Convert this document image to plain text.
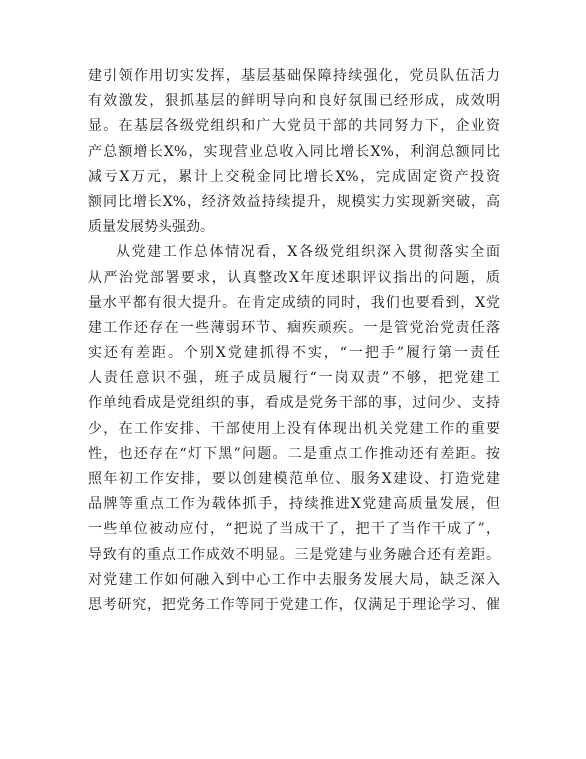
建引领作用切实发挥，基层基础保障持续强化，党员队伍活力
有效激发，狠抓基层的鲜明导向和良好氛围已经形成，成效明
显。在基层各级党组织和广大党员干部的共同努力下，企业资
产总额增长X%，实现营业总收入同比增长X%，利润总额同比
减亏X万元，累计上交税金同比增长X%，完成固定资产投资
额同比增长X%，经济效益持续提升，规模实力实现新突破，高
质量发展势头强劲。
从党建工作总体情况看，X各级党组织深入贯彻落实全面
从严治党部署要求，认真整改X年度述职评议指出的问题，质
量水平都有很大提升。在肯定成绩的同时，我们也要看到，X党
建工作还存在一些薄弱环节、痼疾顽疾。一是管党治党责任落
实还有差距。个别X党建抓得不实，“一把手”履行第一责任
人责任意识不强，班子成员履行“一岗双责”不够，把党建工
作单纯看成是党组织的事，看成是党务干部的事，过问少、支持
少，在工作安排、干部使用上没有体现出机关党建工作的重要
性，也还存在“灯下黑”问题。二是重点工作推动还有差距。按
照年初工作安排，要以创建模范单位、服务X建设、打造党建
品牌等重点工作为载体抓手，持续推进X党建高质量发展，但
一些单位被动应付，“把说了当成干了，把干了当作干成了”，
导致有的重点工作成效不明显。三是党建与业务融合还有差距。
对党建工作如何融入到中心工作中去服务发展大局，缺乏深入
思考研究，把党务工作等同于党建工作，仅满足于理论学习、催
